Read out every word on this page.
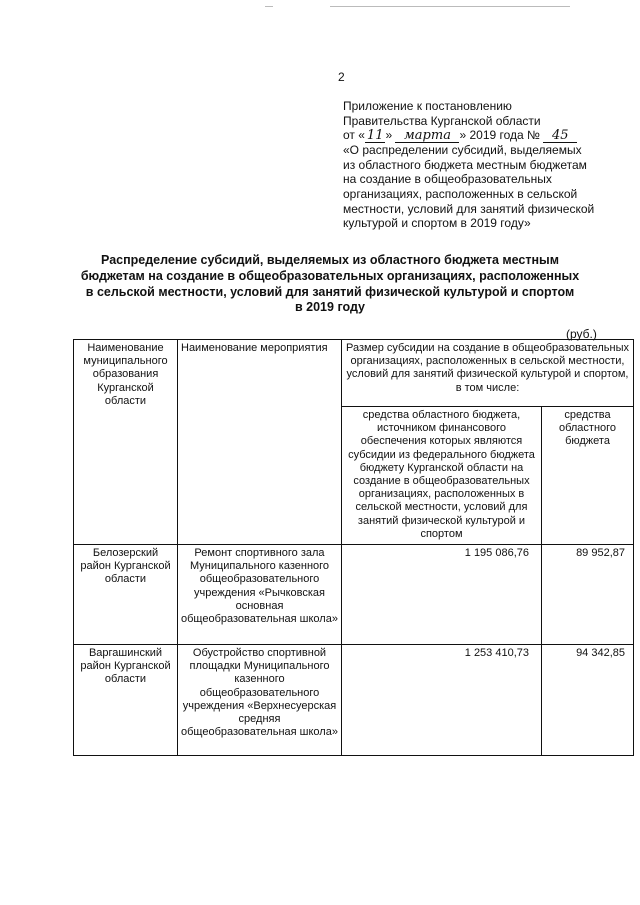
2
Приложение к постановлению
Правительства Курганской области
от « 11 » марта » 2019 года № 45
«О распределении субсидий, выделяемых
из областного бюджета местным бюджетам
на создание в общеобразовательных
организациях, расположенных в сельской
местности, условий для занятий физической
культурой и спортом в 2019 году»
Распределение субсидий, выделяемых из областного бюджета местным
бюджетам на создание в общеобразовательных организациях, расположенных
в сельской местности, условий для занятий физической культурой и спортом
в 2019 году
(руб.)
Наименование муниципального образования Курганской области	Наименование мероприятия	Размер субсидии на создание в общеобразовательных организациях, расположенных в сельской местности, условий для занятий физической культурой и спортом, в том числе:	
		средства областного бюджета, источником финансового обеспечения которых являются субсидии из федерального бюджета бюджету Курганской области на создание в общеобразовательных организациях, расположенных в сельской местности, условий для занятий физической культурой и спортом	средства областного бюджета
Белозерский район Курганской области	Ремонт спортивного зала Муниципального казенного общеобразовательного учреждения «Рычковская основная общеобразовательная школа»	1 195 086,76	89 952,87
Варгашинский район Курганской области	Обустройство спортивной площадки Муниципального казенного общеобразовательного учреждения «Верхнесуерская средняя общеобразовательная школа»	1 253 410,73	94 342,85
